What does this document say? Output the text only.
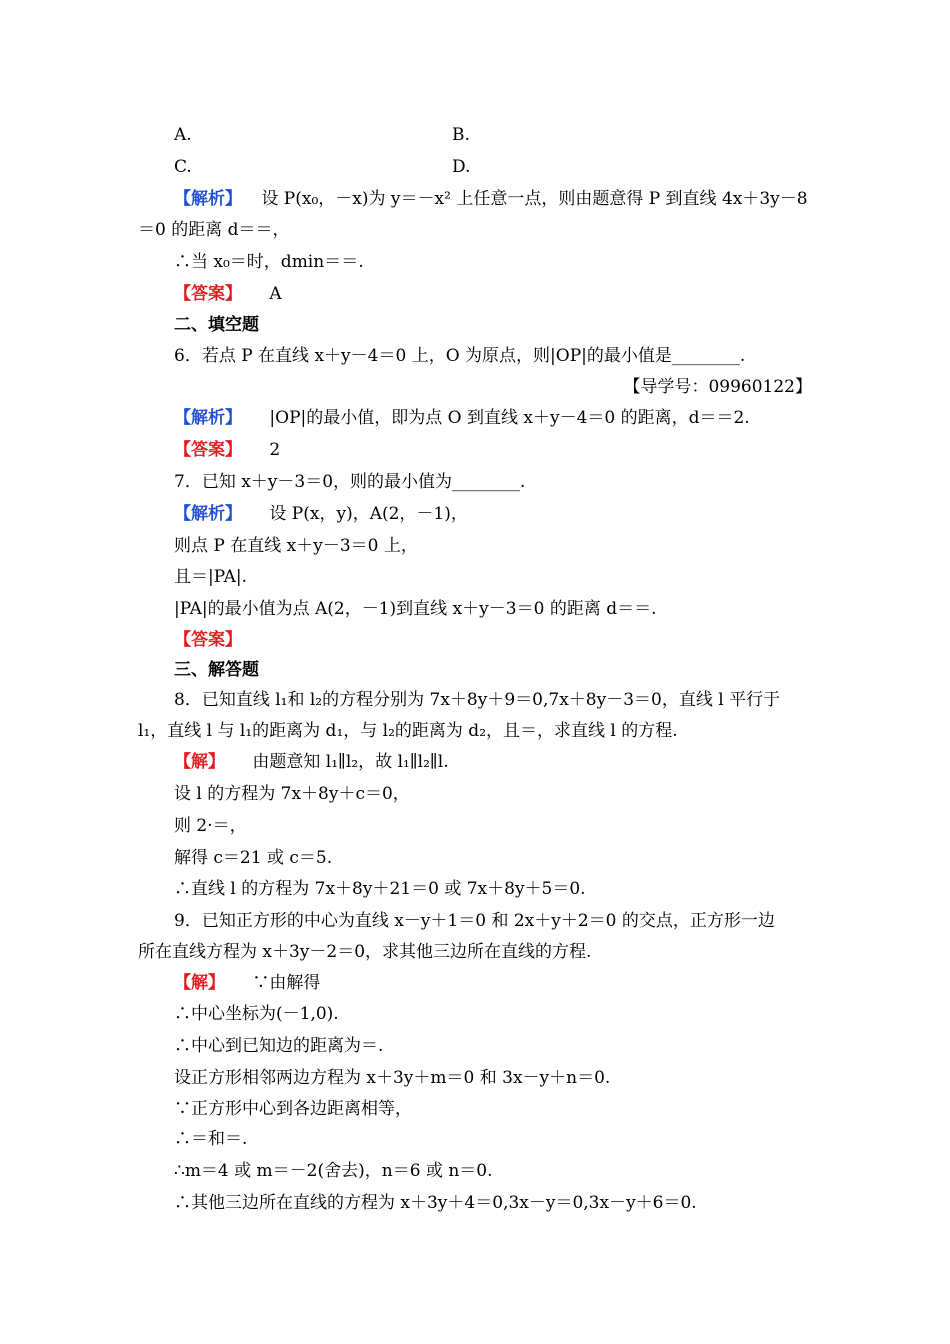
A.	B.
C.	D.
【解析】 设 P(x₀，－x)为 y＝－x² 上任意一点，则由题意得 P 到直线 4x＋3y－8
＝0 的距离 d＝＝，
∴当 x₀＝时，dmin＝＝.
【答案】 A
二、填空题
6．若点 P 在直线 x＋y－4＝0 上，O 为原点，则|OP|的最小值是________.
【导学号：09960122】
【解析】 |OP|的最小值，即为点 O 到直线 x＋y－4＝0 的距离，d＝＝2.
【答案】 2
7．已知 x＋y－3＝0，则的最小值为________.
【解析】 设 P(x，y)，A(2，－1)，
则点 P 在直线 x＋y－3＝0 上，
且＝|PA|.
|PA|的最小值为点 A(2，－1)到直线 x＋y－3＝0 的距离 d＝＝.
【答案】
三、解答题
8．已知直线 l₁和 l₂的方程分别为 7x＋8y＋9＝0,7x＋8y－3＝0，直线 l 平行于
l₁，直线 l 与 l₁的距离为 d₁，与 l₂的距离为 d₂，且＝，求直线 l 的方程.
【解】 由题意知 l₁∥l₂，故 l₁∥l₂∥l.
设 l 的方程为 7x＋8y＋c＝0，
则 2·＝，
解得 c＝21 或 c＝5.
∴直线 l 的方程为 7x＋8y＋21＝0 或 7x＋8y＋5＝0.
9．已知正方形的中心为直线 x－y＋1＝0 和 2x＋y＋2＝0 的交点，正方形一边
所在直线方程为 x＋3y－2＝0，求其他三边所在直线的方程.
【解】 ∵由解得
∴中心坐标为(－1,0).
∴中心到已知边的距离为＝.
设正方形相邻两边方程为 x＋3y＋m＝0 和 3x－y＋n＝0.
∵正方形中心到各边距离相等，
∴＝和＝.
∴m＝4 或 m＝－2(舍去)，n＝6 或 n＝0.
∴其他三边所在直线的方程为 x＋3y＋4＝0,3x－y＝0,3x－y＋6＝0.
